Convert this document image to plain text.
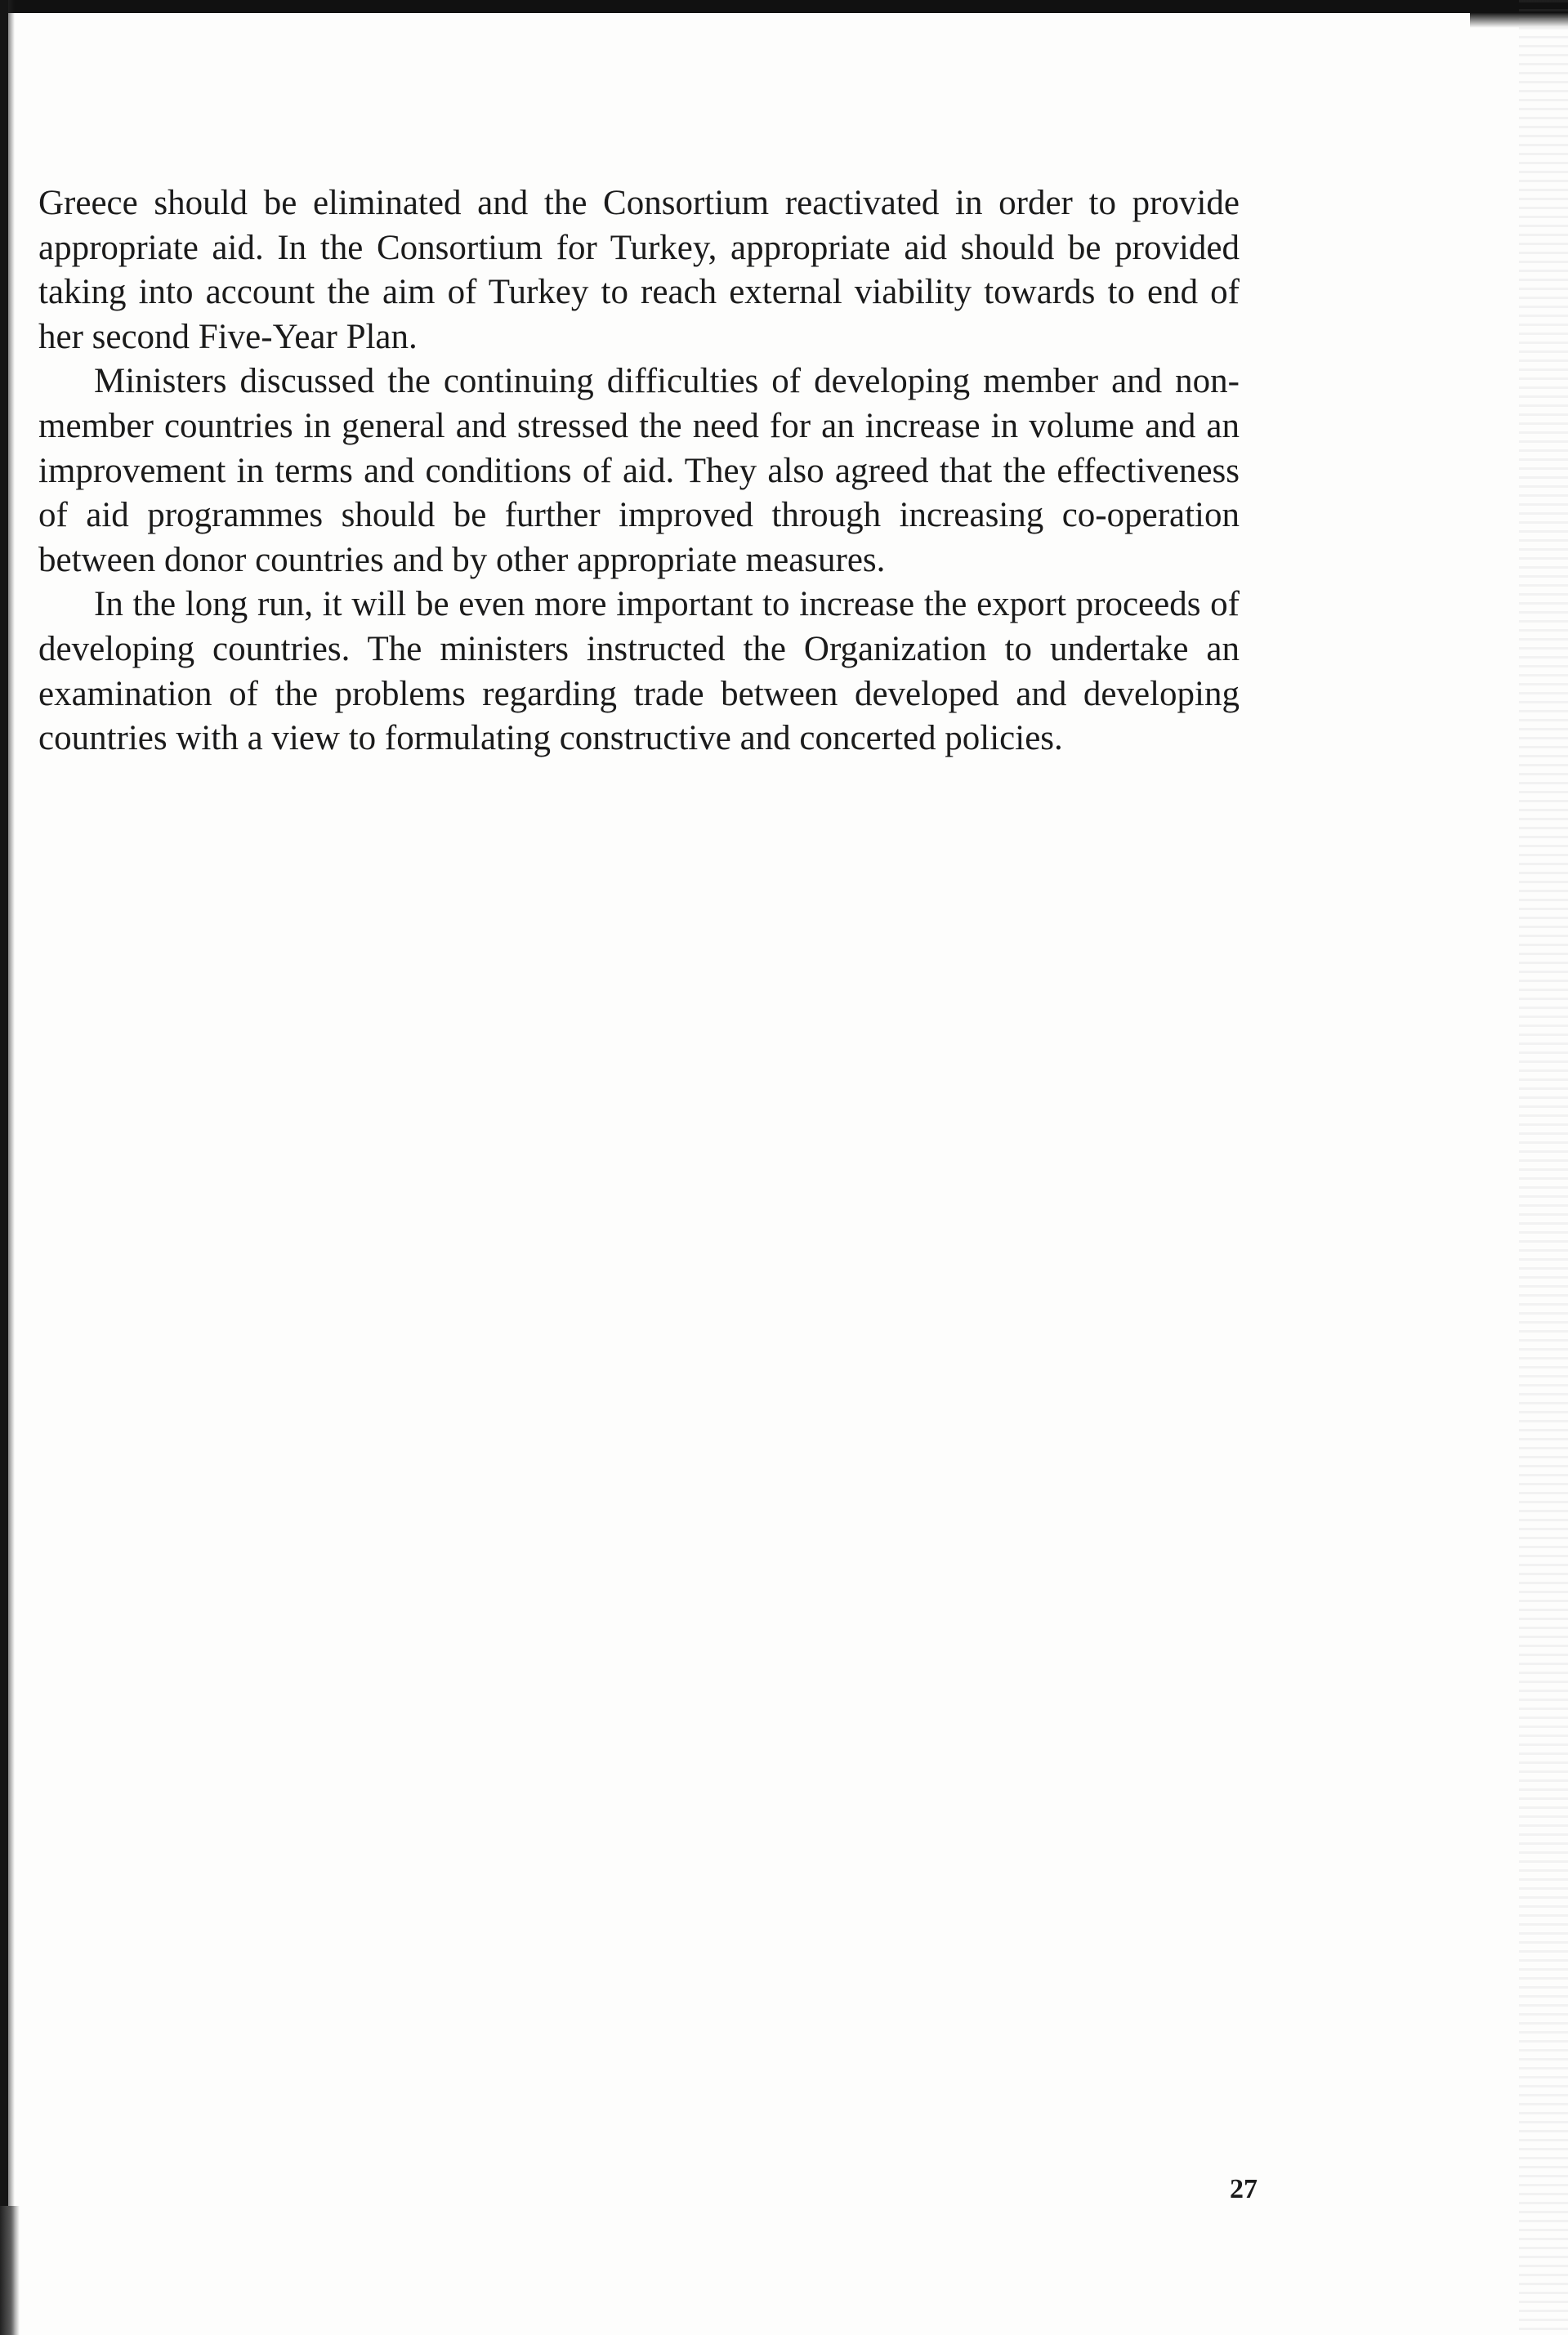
Greece should be eliminated and the Consortium reactivated in order to provide appropriate aid. In the Consortium for Turkey, appropriate aid should be provided taking into account the aim of Turkey to reach external viability towards to end of her second Five-Year Plan.

Ministers discussed the continuing difficulties of developing member and non-member countries in general and stressed the need for an increase in volume and an improvement in terms and conditions of aid. They also agreed that the effectiveness of aid programmes should be further improved through increasing co-operation between donor countries and by other appropriate measures.

In the long run, it will be even more important to increase the export proceeds of developing countries. The ministers instructed the Organization to undertake an examination of the problems regarding trade between developed and developing countries with a view to formulating constructive and concerted policies.

27
